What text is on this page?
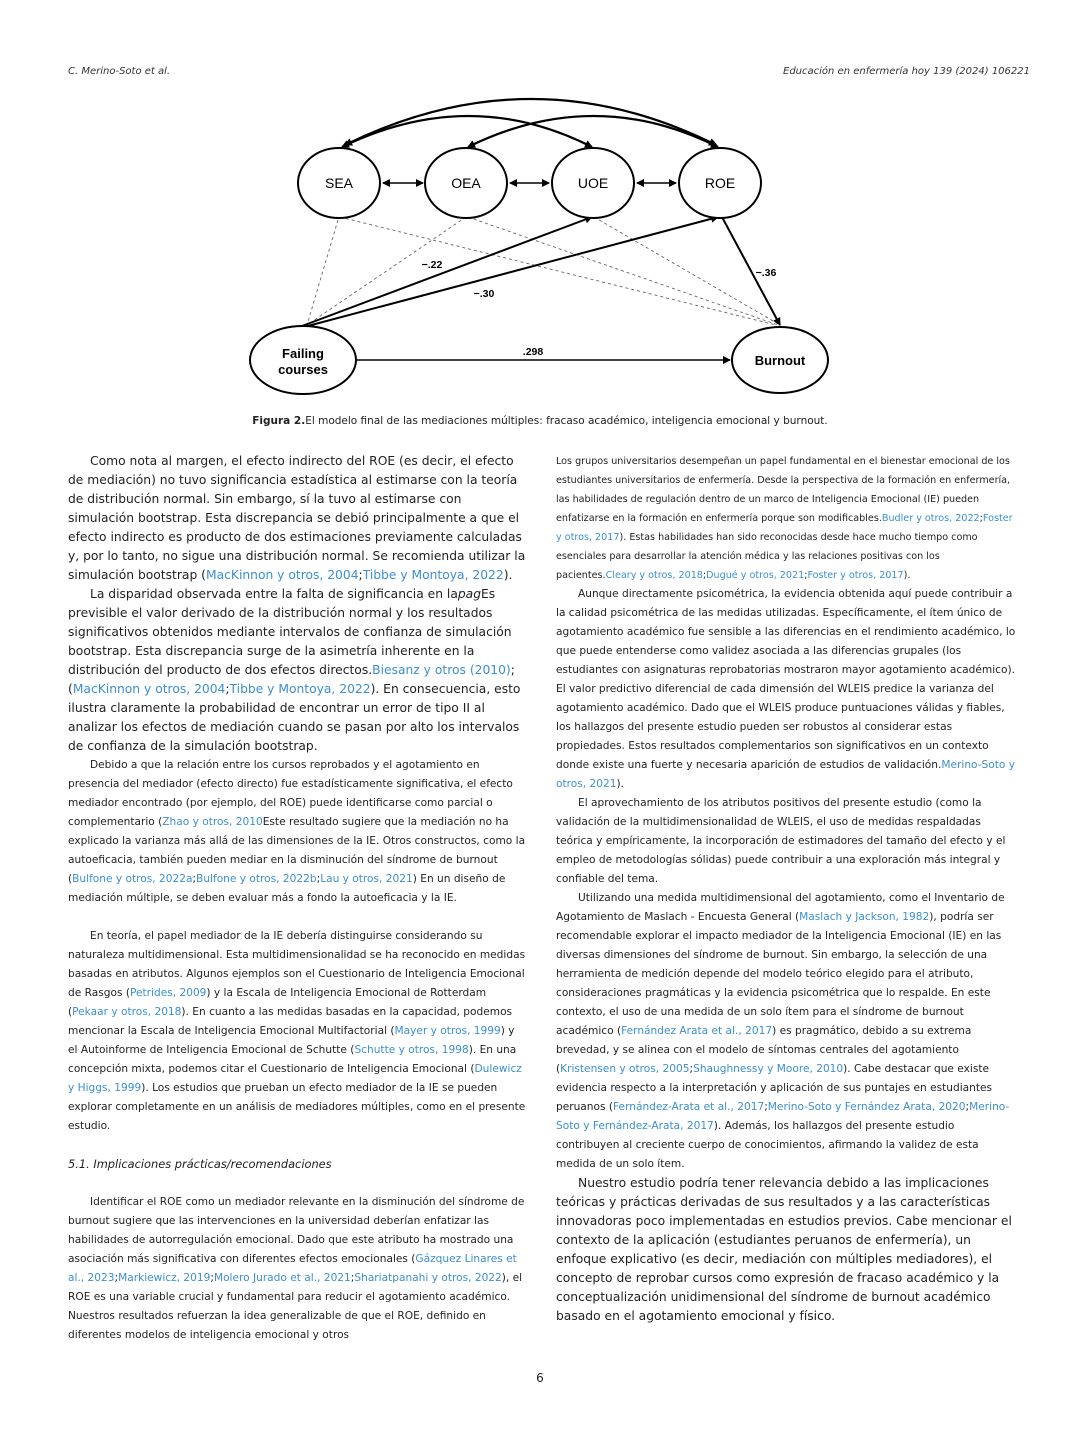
C. Merino-Soto et al.	Educación en enfermería hoy 139 (2024) 106221
SEA	OEA	UOE	ROE
Failing
courses
Burnout
−.22
−.30
−.36
.298
Figura 2.El modelo final de las mediaciones múltiples: fracaso académico, inteligencia emocional y burnout.

Como nota al margen, el efecto indirecto del ROE (es decir, el efecto de mediación) no tuvo significancia estadística al estimarse con la teoría de distribución normal. Sin embargo, sí la tuvo al estimarse con simulación bootstrap. Esta discrepancia se debió principalmente a que el efecto indirecto es producto de dos estimaciones previamente calculadas y, por lo tanto, no sigue una distribución normal. Se recomienda utilizar la simulación bootstrap (MacKinnon y otros, 2004;Tibbe y Montoya, 2022).

La disparidad observada entre la falta de significancia en lapagEs previsible el valor derivado de la distribución normal y los resultados significativos obtenidos mediante intervalos de confianza de simulación bootstrap. Esta discrepancia surge de la asimetría inherente en la distribución del producto de dos efectos directos.Biesanz y otros (2010); (MacKinnon y otros, 2004;Tibbe y Montoya, 2022). En consecuencia, esto ilustra claramente la probabilidad de encontrar un error de tipo II al analizar los efectos de mediación cuando se pasan por alto los intervalos de confianza de la simulación bootstrap.

Debido a que la relación entre los cursos reprobados y el agotamiento en presencia del mediador (efecto directo) fue estadísticamente significativa, el efecto mediador encontrado (por ejemplo, del ROE) puede identificarse como parcial o complementario (Zhao y otros, 2010Este resultado sugiere que la mediación no ha explicado la varianza más allá de las dimensiones de la IE. Otros constructos, como la autoeficacia, también pueden mediar en la disminución del síndrome de burnout (Bulfone y otros, 2022a;Bulfone y otros, 2022b;Lau y otros, 2021) En un diseño de mediación múltiple, se deben evaluar más a fondo la autoeficacia y la IE.

En teoría, el papel mediador de la IE debería distinguirse considerando su naturaleza multidimensional. Esta multidimensionalidad se ha reconocido en medidas basadas en atributos. Algunos ejemplos son el Cuestionario de Inteligencia Emocional de Rasgos (Petrides, 2009) y la Escala de Inteligencia Emocional de Rotterdam (Pekaar y otros, 2018). En cuanto a las medidas basadas en la capacidad, podemos mencionar la Escala de Inteligencia Emocional Multifactorial (Mayer y otros, 1999) y el Autoinforme de Inteligencia Emocional de Schutte (Schutte y otros, 1998). En una concepción mixta, podemos citar el Cuestionario de Inteligencia Emocional (Dulewicz y Higgs, 1999). Los estudios que prueban un efecto mediador de la IE se pueden explorar completamente en un análisis de mediadores múltiples, como en el presente estudio.

5.1. Implicaciones prácticas/recomendaciones

Identificar el ROE como un mediador relevante en la disminución del síndrome de burnout sugiere que las intervenciones en la universidad deberían enfatizar las habilidades de autorregulación emocional. Dado que este atributo ha mostrado una asociación más significativa con diferentes efectos emocionales (Gázquez Linares et al., 2023;Markiewicz, 2019;Molero Jurado et al., 2021;Shariatpanahi y otros, 2022), el ROE es una variable crucial y fundamental para reducir el agotamiento académico. Nuestros resultados refuerzan la idea generalizable de que el ROE, definido en diferentes modelos de inteligencia emocional y otros

Los grupos universitarios desempeñan un papel fundamental en el bienestar emocional de los estudiantes universitarios de enfermería. Desde la perspectiva de la formación en enfermería, las habilidades de regulación dentro de un marco de Inteligencia Emocional (IE) pueden enfatizarse en la formación en enfermería porque son modificables.Budler y otros, 2022;Foster y otros, 2017). Estas habilidades han sido reconocidas desde hace mucho tiempo como esenciales para desarrollar la atención médica y las relaciones positivas con los pacientes.Cleary y otros, 2018;Dugué y otros, 2021;Foster y otros, 2017).

Aunque directamente psicométrica, la evidencia obtenida aquí puede contribuir a la calidad psicométrica de las medidas utilizadas. Específicamente, el ítem único de agotamiento académico fue sensible a las diferencias en el rendimiento académico, lo que puede entenderse como validez asociada a las diferencias grupales (los estudiantes con asignaturas reprobatorias mostraron mayor agotamiento académico). El valor predictivo diferencial de cada dimensión del WLEIS predice la varianza del agotamiento académico. Dado que el WLEIS produce puntuaciones válidas y fiables, los hallazgos del presente estudio pueden ser robustos al considerar estas propiedades. Estos resultados complementarios son significativos en un contexto donde existe una fuerte y necesaria aparición de estudios de validación.Merino-Soto y otros, 2021).

El aprovechamiento de los atributos positivos del presente estudio (como la validación de la multidimensionalidad de WLEIS, el uso de medidas respaldadas teórica y empíricamente, la incorporación de estimadores del tamaño del efecto y el empleo de metodologías sólidas) puede contribuir a una exploración más integral y confiable del tema.

Utilizando una medida multidimensional del agotamiento, como el Inventario de Agotamiento de Maslach - Encuesta General (Maslach y Jackson, 1982), podría ser recomendable explorar el impacto mediador de la Inteligencia Emocional (IE) en las diversas dimensiones del síndrome de burnout. Sin embargo, la selección de una herramienta de medición depende del modelo teórico elegido para el atributo, consideraciones pragmáticas y la evidencia psicométrica que lo respalde. En este contexto, el uso de una medida de un solo ítem para el síndrome de burnout académico (Fernández Arata et al., 2017) es pragmático, debido a su extrema brevedad, y se alinea con el modelo de síntomas centrales del agotamiento (Kristensen y otros, 2005;Shaughnessy y Moore, 2010). Cabe destacar que existe evidencia respecto a la interpretación y aplicación de sus puntajes en estudiantes peruanos (Fernández-Arata et al., 2017;Merino-Soto y Fernández Arata, 2020;Merino-Soto y Fernández-Arata, 2017). Además, los hallazgos del presente estudio contribuyen al creciente cuerpo de conocimientos, afirmando la validez de esta medida de un solo ítem.

Nuestro estudio podría tener relevancia debido a las implicaciones teóricas y prácticas derivadas de sus resultados y a las características innovadoras poco implementadas en estudios previos. Cabe mencionar el contexto de la aplicación (estudiantes peruanos de enfermería), un enfoque explicativo (es decir, mediación con múltiples mediadores), el concepto de reprobar cursos como expresión de fracaso académico y la conceptualización unidimensional del síndrome de burnout académico basado en el agotamiento emocional y físico.

6
